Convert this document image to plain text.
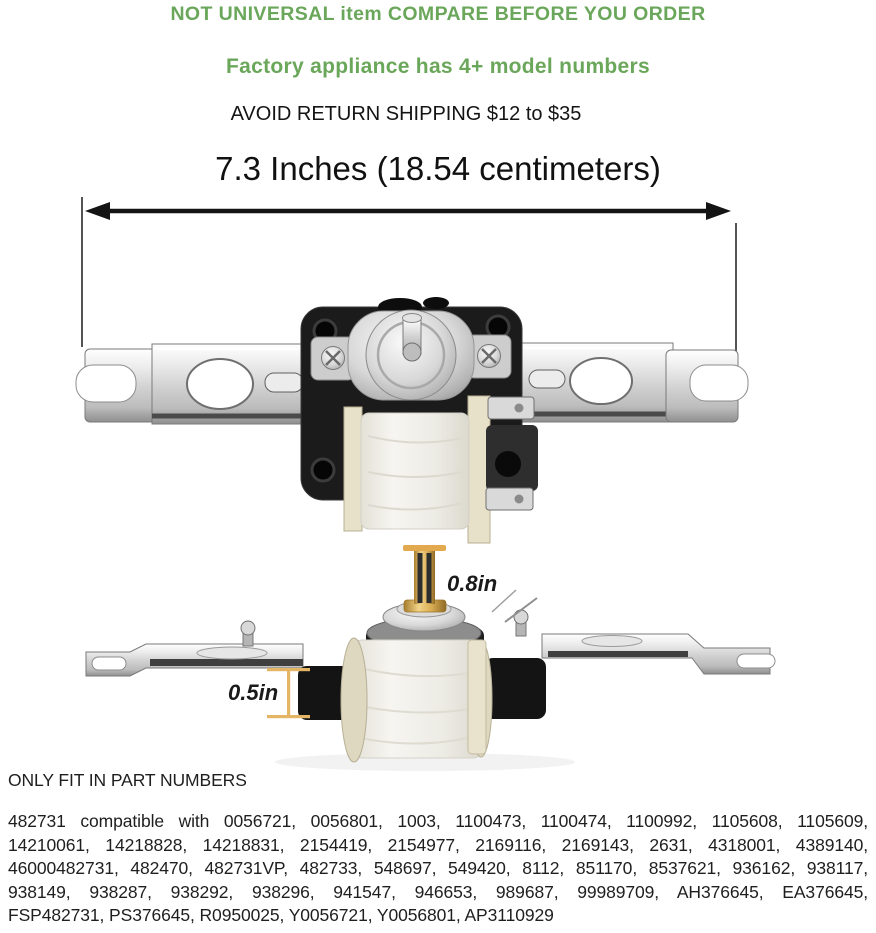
NOT UNIVERSAL item COMPARE BEFORE YOU ORDER
Factory appliance has 4+ model numbers
AVOID RETURN SHIPPING $12 to $35
7.3 Inches (18.54 centimeters)
0.8in
0.5in
ONLY FIT IN PART NUMBERS
482731 compatible with 0056721, 0056801, 1003, 1100473, 1100474, 1100992, 1105608, 1105609,
14210061, 14218828, 14218831, 2154419, 2154977, 2169116, 2169143, 2631, 4318001, 4389140,
46000482731, 482470, 482731VP, 482733, 548697, 549420, 8112, 851170, 8537621, 936162, 938117,
938149, 938287, 938292, 938296, 941547, 946653, 989687, 99989709, AH376645, EA376645,
FSP482731, PS376645, R0950025, Y0056721, Y0056801, AP3110929
